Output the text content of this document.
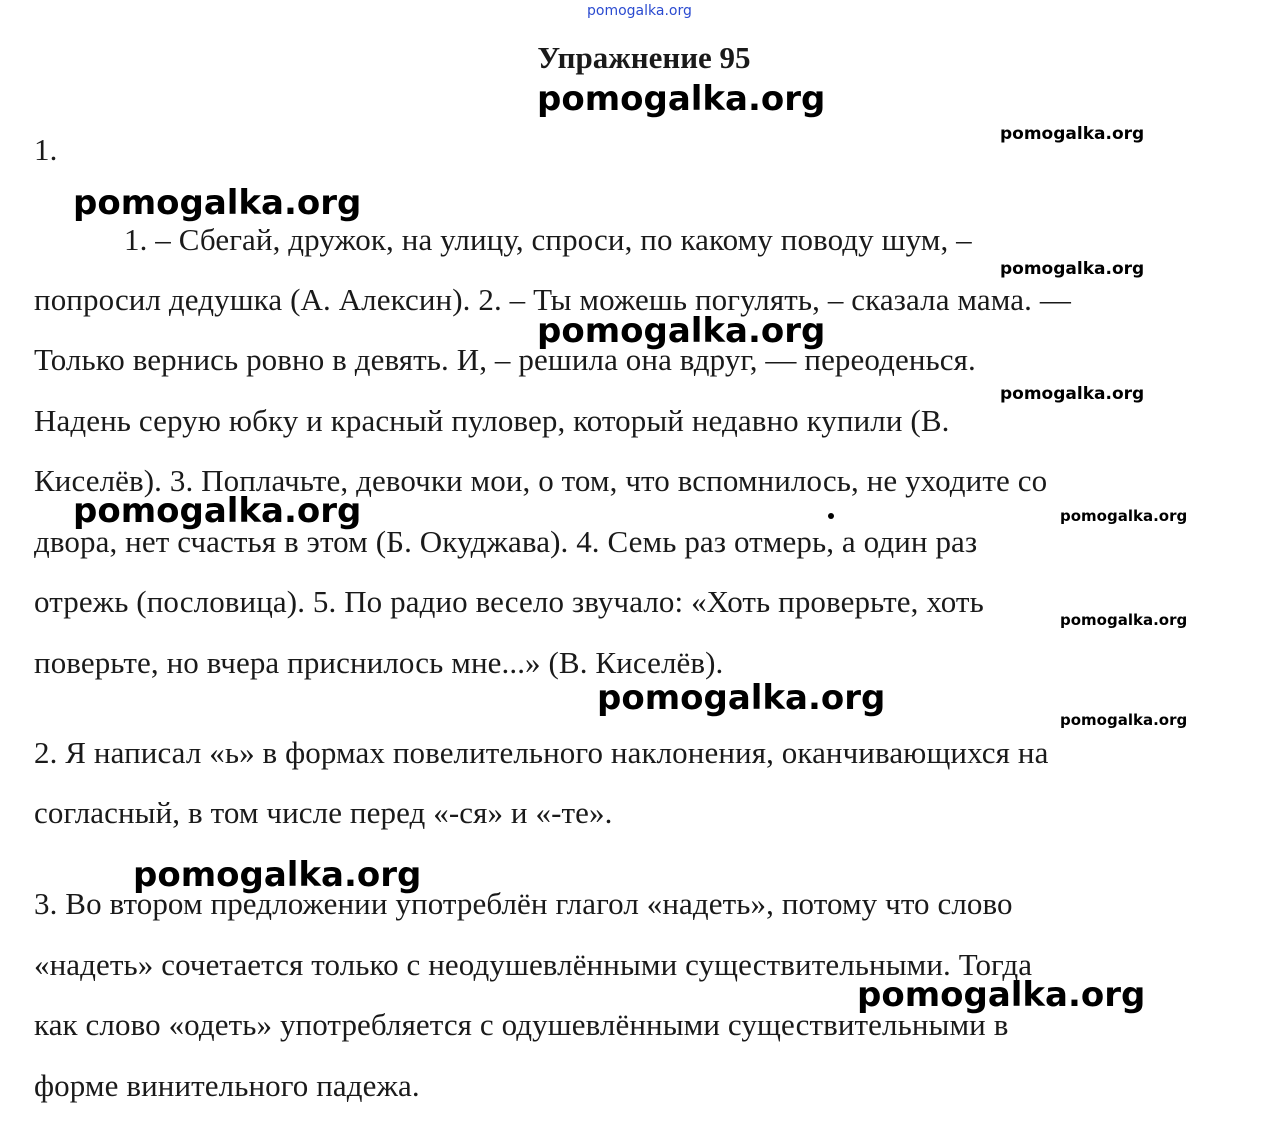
pomogalka.org
Упражнение 95
1.
1. – Сбегай, дружок, на улицу, спроси, по какому поводу шум, –
попросил дедушка (А. Алексин). 2. – Ты можешь погулять, – сказала мама. —
Только вернись ровно в девять. И, – решила она вдруг, — переоденься.
Надень серую юбку и красный пуловер, который недавно купили (В.
Киселёв). 3. Поплачьте, девочки мои, о том, что вспомнилось, не уходите со
двора, нет счастья в этом (Б. Окуджава). 4. Семь раз отмерь, а один раз
отрежь (пословица). 5. По радио весело звучало: «Хоть проверьте, хоть
поверьте, но вчера приснилось мне...» (В. Киселёв).
2. Я написал «ь» в формах повелительного наклонения, оканчивающихся на
согласный, в том числе перед «-ся» и «-те».
3. Во втором предложении употреблён глагол «надеть», потому что слово
«надеть» сочетается только с неодушевлёнными существительными. Тогда
как слово «одеть» употребляется с одушевлёнными существительными в
форме винительного падежа.
pomogalka.org
pomogalka.org
pomogalka.org
pomogalka.org
pomogalka.org
pomogalka.org
pomogalka.org	pomogalka.org
pomogalka.org
pomogalka.org
pomogalka.org
pomogalka.org
pomogalka.org
